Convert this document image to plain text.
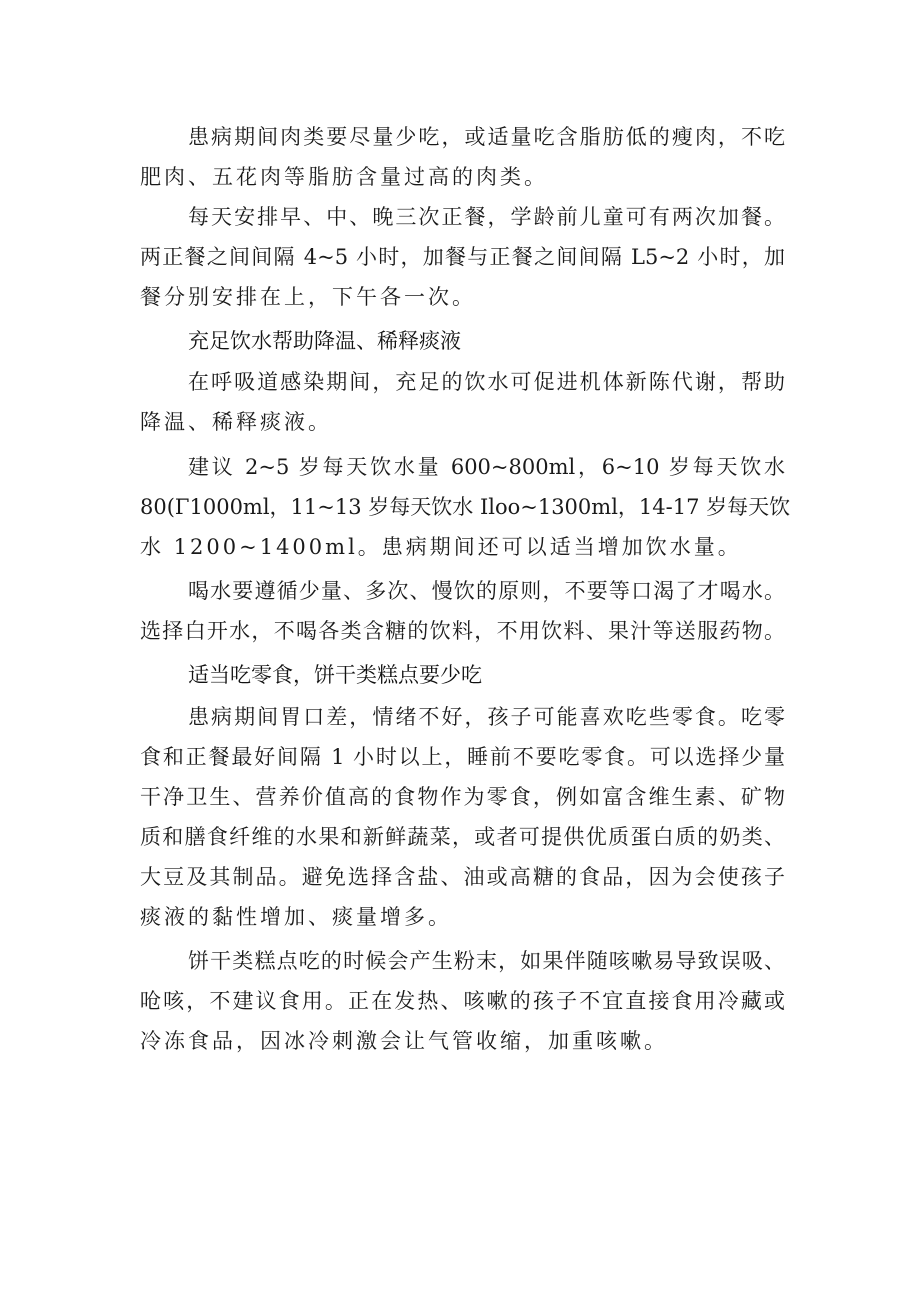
患病期间肉类要尽量少吃，或适量吃含脂肪低的瘦肉，不吃

肥肉、五花肉等脂肪含量过高的肉类。

每天安排早、中、晚三次正餐，学龄前儿童可有两次加餐。

两正餐之间间隔 4~5 小时，加餐与正餐之间间隔 L5~2 小时，加

餐分别安排在上，下午各一次。

充足饮水帮助降温、稀释痰液

在呼吸道感染期间，充足的饮水可促进机体新陈代谢，帮助

降温、稀释痰液。

建议 2~5 岁每天饮水量 600~800ml，6~10 岁每天饮水

80(Γ1000ml，11~13 岁每天饮水 Iloo~1300ml，14-17 岁每天饮

水 1200~1400ml。患病期间还可以适当增加饮水量。

喝水要遵循少量、多次、慢饮的原则，不要等口渴了才喝水。

选择白开水，不喝各类含糖的饮料，不用饮料、果汁等送服药物。

适当吃零食，饼干类糕点要少吃

患病期间胃口差，情绪不好，孩子可能喜欢吃些零食。吃零

食和正餐最好间隔 1 小时以上，睡前不要吃零食。可以选择少量

干净卫生、营养价值高的食物作为零食，例如富含维生素、矿物

质和膳食纤维的水果和新鲜蔬菜，或者可提供优质蛋白质的奶类、

大豆及其制品。避免选择含盐、油或高糖的食品，因为会使孩子

痰液的黏性增加、痰量增多。

饼干类糕点吃的时候会产生粉末，如果伴随咳嗽易导致误吸、

呛咳，不建议食用。正在发热、咳嗽的孩子不宜直接食用冷藏或

冷冻食品，因冰冷刺激会让气管收缩，加重咳嗽。
